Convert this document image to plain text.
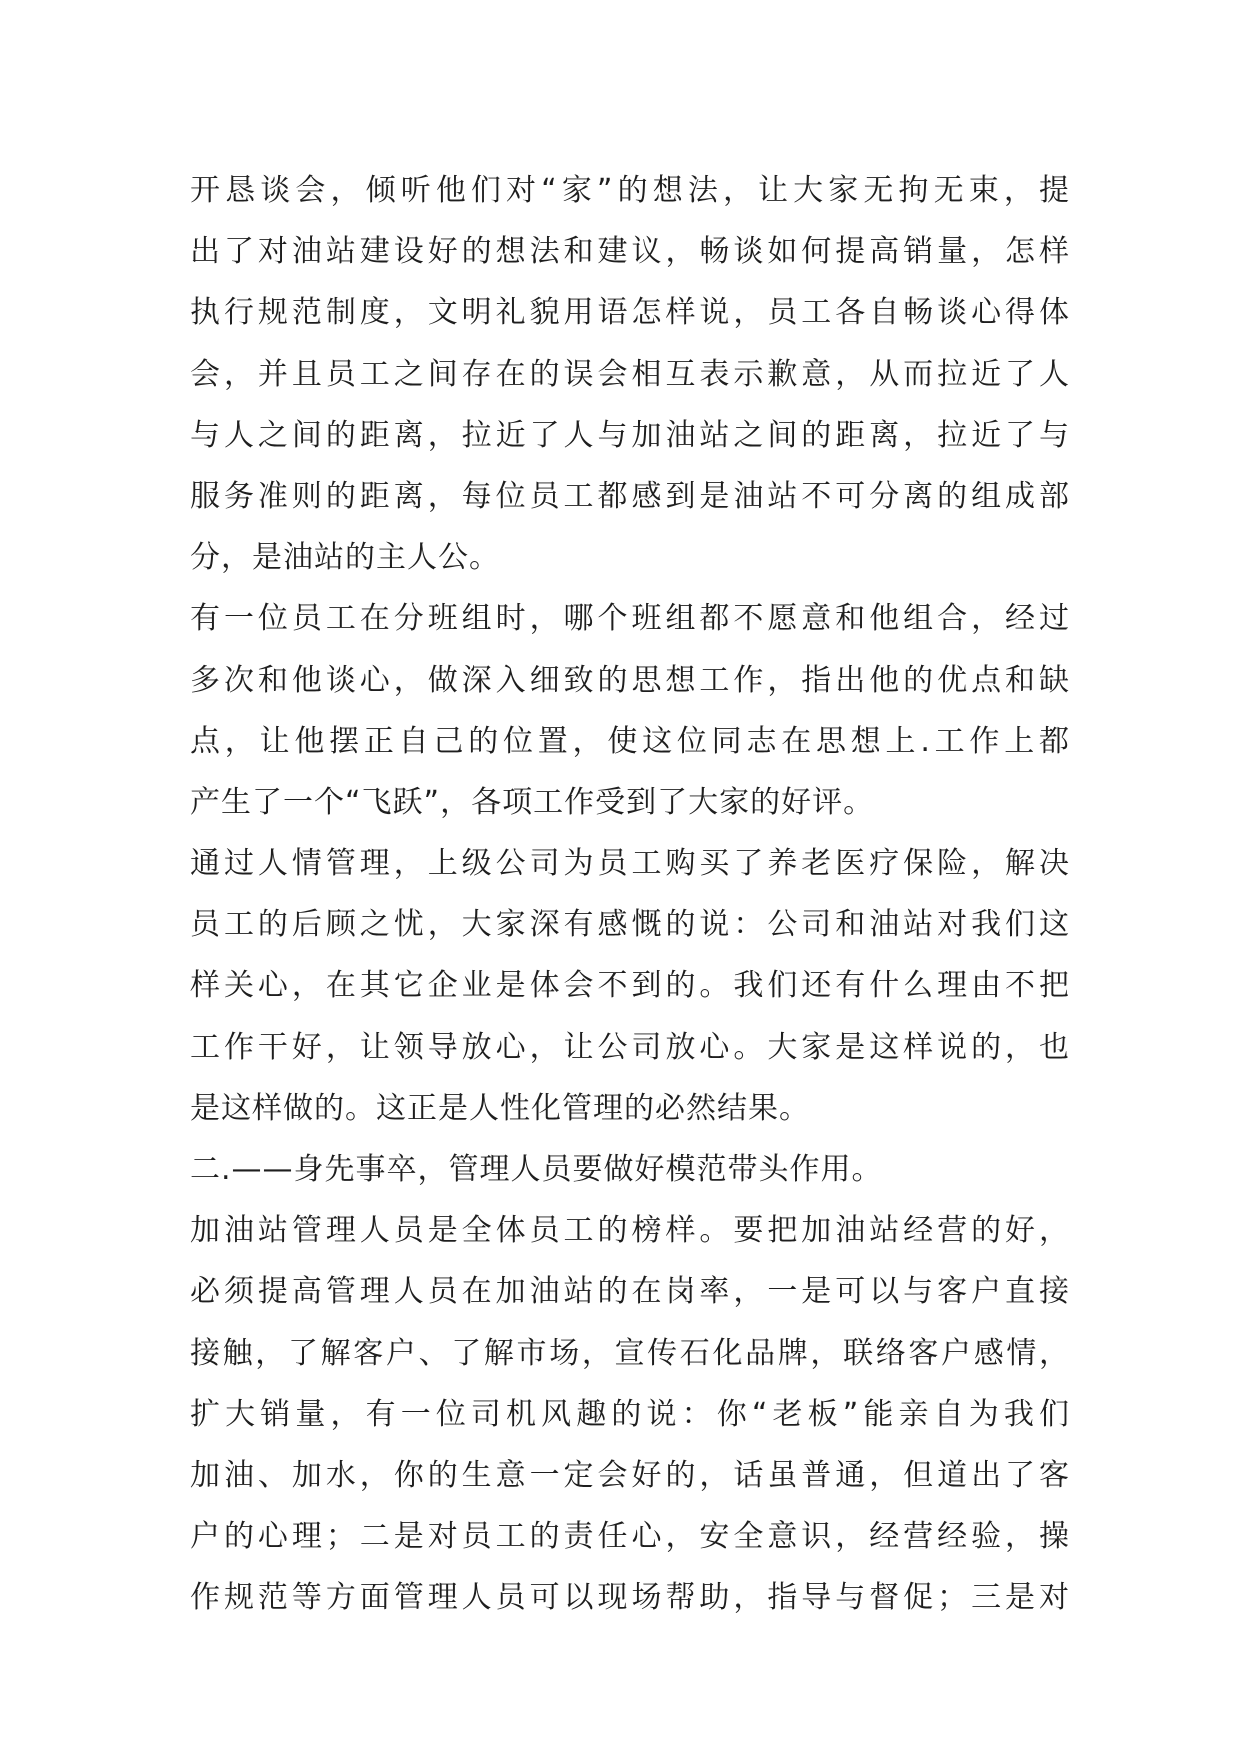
开恳谈会，倾听他们对“家”的想法，让大家无拘无束，提
出了对油站建设好的想法和建议，畅谈如何提高销量，怎样
执行规范制度，文明礼貌用语怎样说，员工各自畅谈心得体
会，并且员工之间存在的误会相互表示歉意，从而拉近了人
与人之间的距离，拉近了人与加油站之间的距离，拉近了与
服务准则的距离，每位员工都感到是油站不可分离的组成部
分，是油站的主人公。
有一位员工在分班组时，哪个班组都不愿意和他组合，经过
多次和他谈心，做深入细致的思想工作，指出他的优点和缺
点，让他摆正自己的位置，使这位同志在思想上.工作上都
产生了一个“飞跃”，各项工作受到了大家的好评。
通过人情管理，上级公司为员工购买了养老医疗保险，解决
员工的后顾之忧，大家深有感慨的说：公司和油站对我们这
样关心，在其它企业是体会不到的。我们还有什么理由不把
工作干好，让领导放心，让公司放心。大家是这样说的，也
是这样做的。这正是人性化管理的必然结果。
二.——身先事卒，管理人员要做好模范带头作用。
加油站管理人员是全体员工的榜样。要把加油站经营的好，
必须提高管理人员在加油站的在岗率，一是可以与客户直接
接触，了解客户、了解市场，宣传石化品牌，联络客户感情，
扩大销量，有一位司机风趣的说：你“老板”能亲自为我们
加油、加水，你的生意一定会好的，话虽普通，但道出了客
户的心理；二是对员工的责任心，安全意识，经营经验，操
作规范等方面管理人员可以现场帮助，指导与督促；三是对
